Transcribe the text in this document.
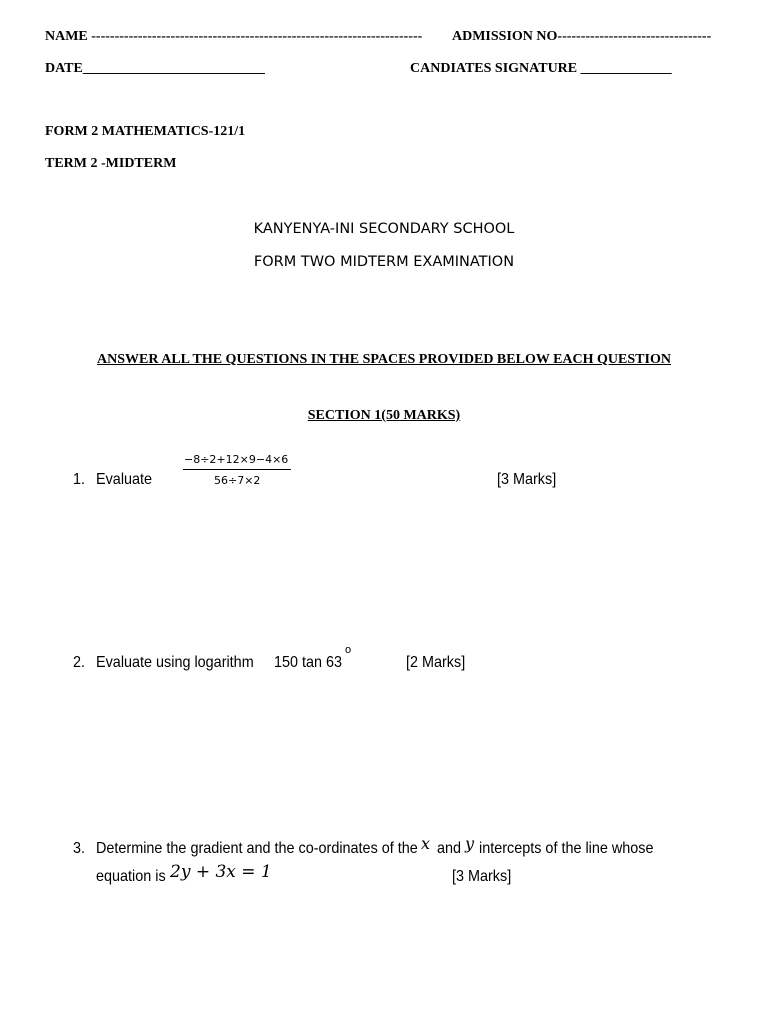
NAME ----------------------------------------------------------------------- ADMISSION NO---------------------------------
DATE__________________________	CANDIATES SIGNATURE _____________
FORM 2 MATHEMATICS-121/1
TERM 2 -MIDTERM
KANYENYA-INI SECONDARY SCHOOL
FORM TWO MIDTERM EXAMINATION
ANSWER ALL THE QUESTIONS IN THE SPACES PROVIDED BELOW EACH QUESTION
SECTION 1(50 MARKS)
1. Evaluate
−8÷2+12×9−4×6
56÷7×2	[3 Marks]
2. Evaluate using logarithm 150 tan 63
o
[2 Marks]
3. Determine the gradient and the co-ordinates of the x and y intercepts of the line whose
equation is 2y + 3x = 1	[3 Marks]
